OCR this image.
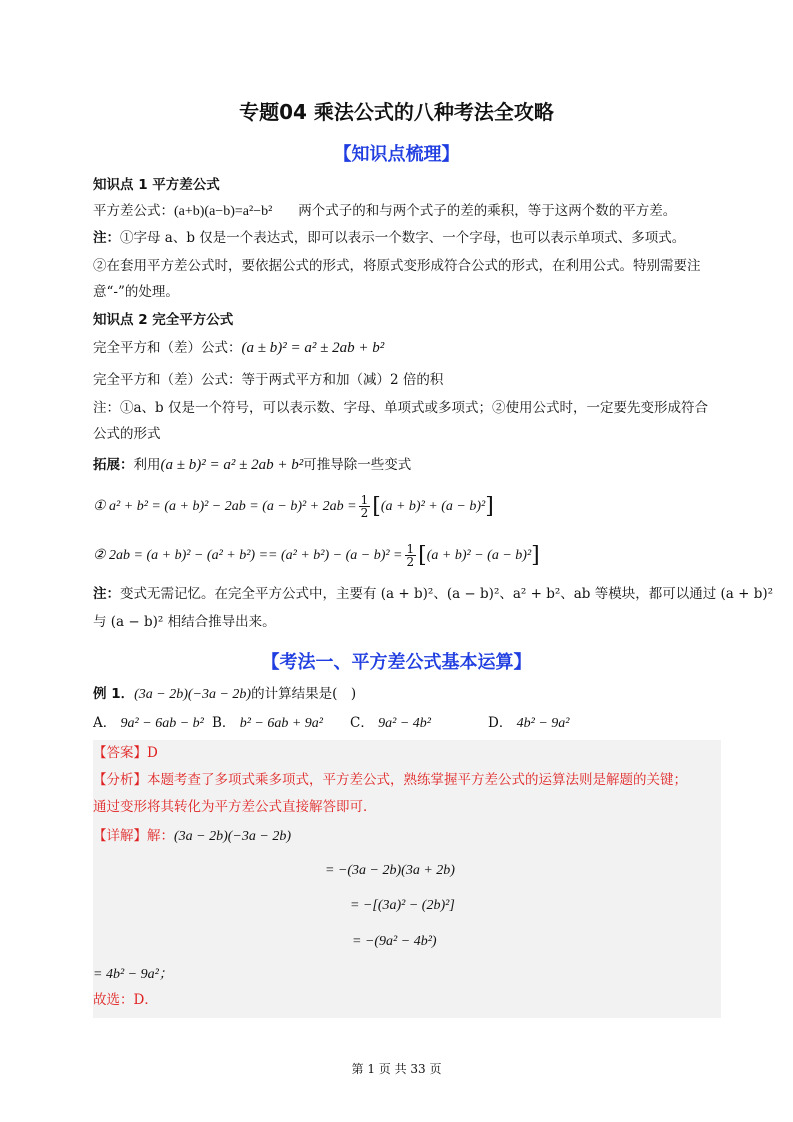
专题04 乘法公式的八种考法全攻略
【知识点梳理】
知识点 1 平方差公式
平方差公式：(a+b)(a−b)=a²−b² 两个式子的和与两个式子的差的乘积，等于这两个数的平方差。
注：①字母 a、b 仅是一个表达式，即可以表示一个数字、一个字母，也可以表示单项式、多项式。
②在套用平方差公式时，要依据公式的形式，将原式变形成符合公式的形式，在利用公式。特别需要注
意“-”的处理。
知识点 2 完全平方公式
完全平方和（差）公式：(a ± b)² = a² ± 2ab + b²
完全平方和（差）公式：等于两式平方和加（减）2 倍的积
注：①a、b 仅是一个符号，可以表示数、字母、单项式或多项式；②使用公式时，一定要先变形成符合
公式的形式
拓展：利用(a ± b)² = a² ± 2ab + b²可推导除一些变式
① $a^2 + b^2 = (a + b)^2 - 2ab = (a - b)^2 + 2ab = \frac{1}{2} [(a + b)^2 + (a - b)^2]$
② $2ab = (a + b)^2 - (a^2 + b^2) == (a^2 + b^2) - (a - b)^2 = \frac{1}{2} [(a + b)^2 - (a - b)^2]$
注：变式无需记忆。在完全平方公式中，主要有 (a + b)²、(a − b)²、a² + b²、ab 等模块，都可以通过 (a + b)²
与 (a − b)² 相结合推导出来。
【考法一、平方差公式基本运算】
例 1．(3a − 2b)(−3a − 2b)的计算结果是(　)
A． 9a² − 6ab − b² B． b² − 6ab + 9a² C． 9a² − 4b²	D． 4b² − 9a²
【答案】D
【分析】本题考查了多项式乘多项式，平方差公式，熟练掌握平方差公式的运算法则是解题的关键；
通过变形将其转化为平方差公式直接解答即可．
【详解】解：(3a − 2b)(−3a − 2b)
= −(3a − 2b)(3a + 2b)
= −[(3a)² − (2b)²]
= −(9a² − 4b²)
= 4b² − 9a²；
故选：D．
第 1 页 共 33 页
